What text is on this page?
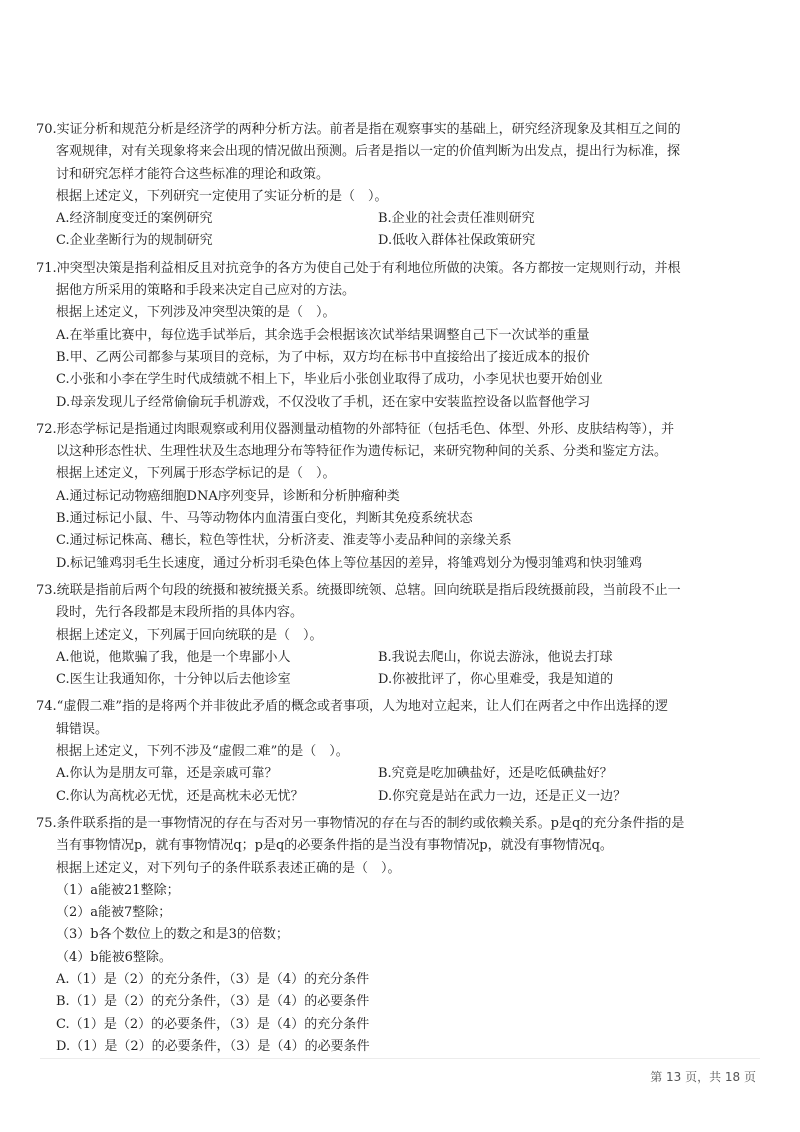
70.实证分析和规范分析是经济学的两种分析方法。前者是指在观察事实的基础上，研究经济现象及其相互之间的
客观规律，对有关现象将来会出现的情况做出预测。后者是指以一定的价值判断为出发点，提出行为标准，探
讨和研究怎样才能符合这些标准的理论和政策。
根据上述定义，下列研究一定使用了实证分析的是（　）。
A.经济制度变迁的案例研究	B.企业的社会责任准则研究
C.企业垄断行为的规制研究	D.低收入群体社保政策研究
71.冲突型决策是指利益相反且对抗竞争的各方为使自己处于有利地位所做的决策。各方都按一定规则行动，并根
据他方所采用的策略和手段来决定自己应对的方法。
根据上述定义，下列涉及冲突型决策的是（　）。
A.在举重比赛中，每位选手试举后，其余选手会根据该次试举结果调整自己下一次试举的重量
B.甲、乙两公司都参与某项目的竞标，为了中标，双方均在标书中直接给出了接近成本的报价
C.小张和小李在学生时代成绩就不相上下，毕业后小张创业取得了成功，小李见状也要开始创业
D.母亲发现儿子经常偷偷玩手机游戏，不仅没收了手机，还在家中安装监控设备以监督他学习
72.形态学标记是指通过肉眼观察或利用仪器测量动植物的外部特征（包括毛色、体型、外形、皮肤结构等），并
以这种形态性状、生理性状及生态地理分布等特征作为遗传标记，来研究物种间的关系、分类和鉴定方法。
根据上述定义，下列属于形态学标记的是（　）。
A.通过标记动物癌细胞DNA序列变异，诊断和分析肿瘤种类
B.通过标记小鼠、牛、马等动物体内血清蛋白变化，判断其免疫系统状态
C.通过标记株高、穗长，粒色等性状，分析济麦、淮麦等小麦品种间的亲缘关系
D.标记雏鸡羽毛生长速度，通过分析羽毛染色体上等位基因的差异，将雏鸡划分为慢羽雏鸡和快羽雏鸡
73.统联是指前后两个句段的统摄和被统摄关系。统摄即统领、总辖。回向统联是指后段统摄前段，当前段不止一
段时，先行各段都是末段所指的具体内容。
根据上述定义，下列属于回向统联的是（　）。
A.他说，他欺骗了我，他是一个卑鄙小人	B.我说去爬山，你说去游泳，他说去打球
C.医生让我通知你，十分钟以后去他诊室	D.你被批评了，你心里难受，我是知道的
74.“虚假二难”指的是将两个并非彼此矛盾的概念或者事项，人为地对立起来，让人们在两者之中作出选择的逻
辑错误。
根据上述定义，下列不涉及“虚假二难”的是（　）。
A.你认为是朋友可靠，还是亲戚可靠？	B.究竟是吃加碘盐好，还是吃低碘盐好？
C.你认为高枕必无忧，还是高枕未必无忧？	D.你究竟是站在武力一边，还是正义一边？
75.条件联系指的是一事物情况的存在与否对另一事物情况的存在与否的制约或依赖关系。p是q的充分条件指的是
当有事物情况p，就有事物情况q；p是q的必要条件指的是当没有事物情况p，就没有事物情况q。
根据上述定义，对下列句子的条件联系表述正确的是（　）。
（1）a能被21整除；
（2）a能被7整除；
（3）b各个数位上的数之和是3的倍数；
（4）b能被6整除。
A.（1）是（2）的充分条件，（3）是（4）的充分条件
B.（1）是（2）的充分条件，（3）是（4）的必要条件
C.（1）是（2）的必要条件，（3）是（4）的充分条件
D.（1）是（2）的必要条件，（3）是（4）的必要条件
第 13 页，共 18 页
